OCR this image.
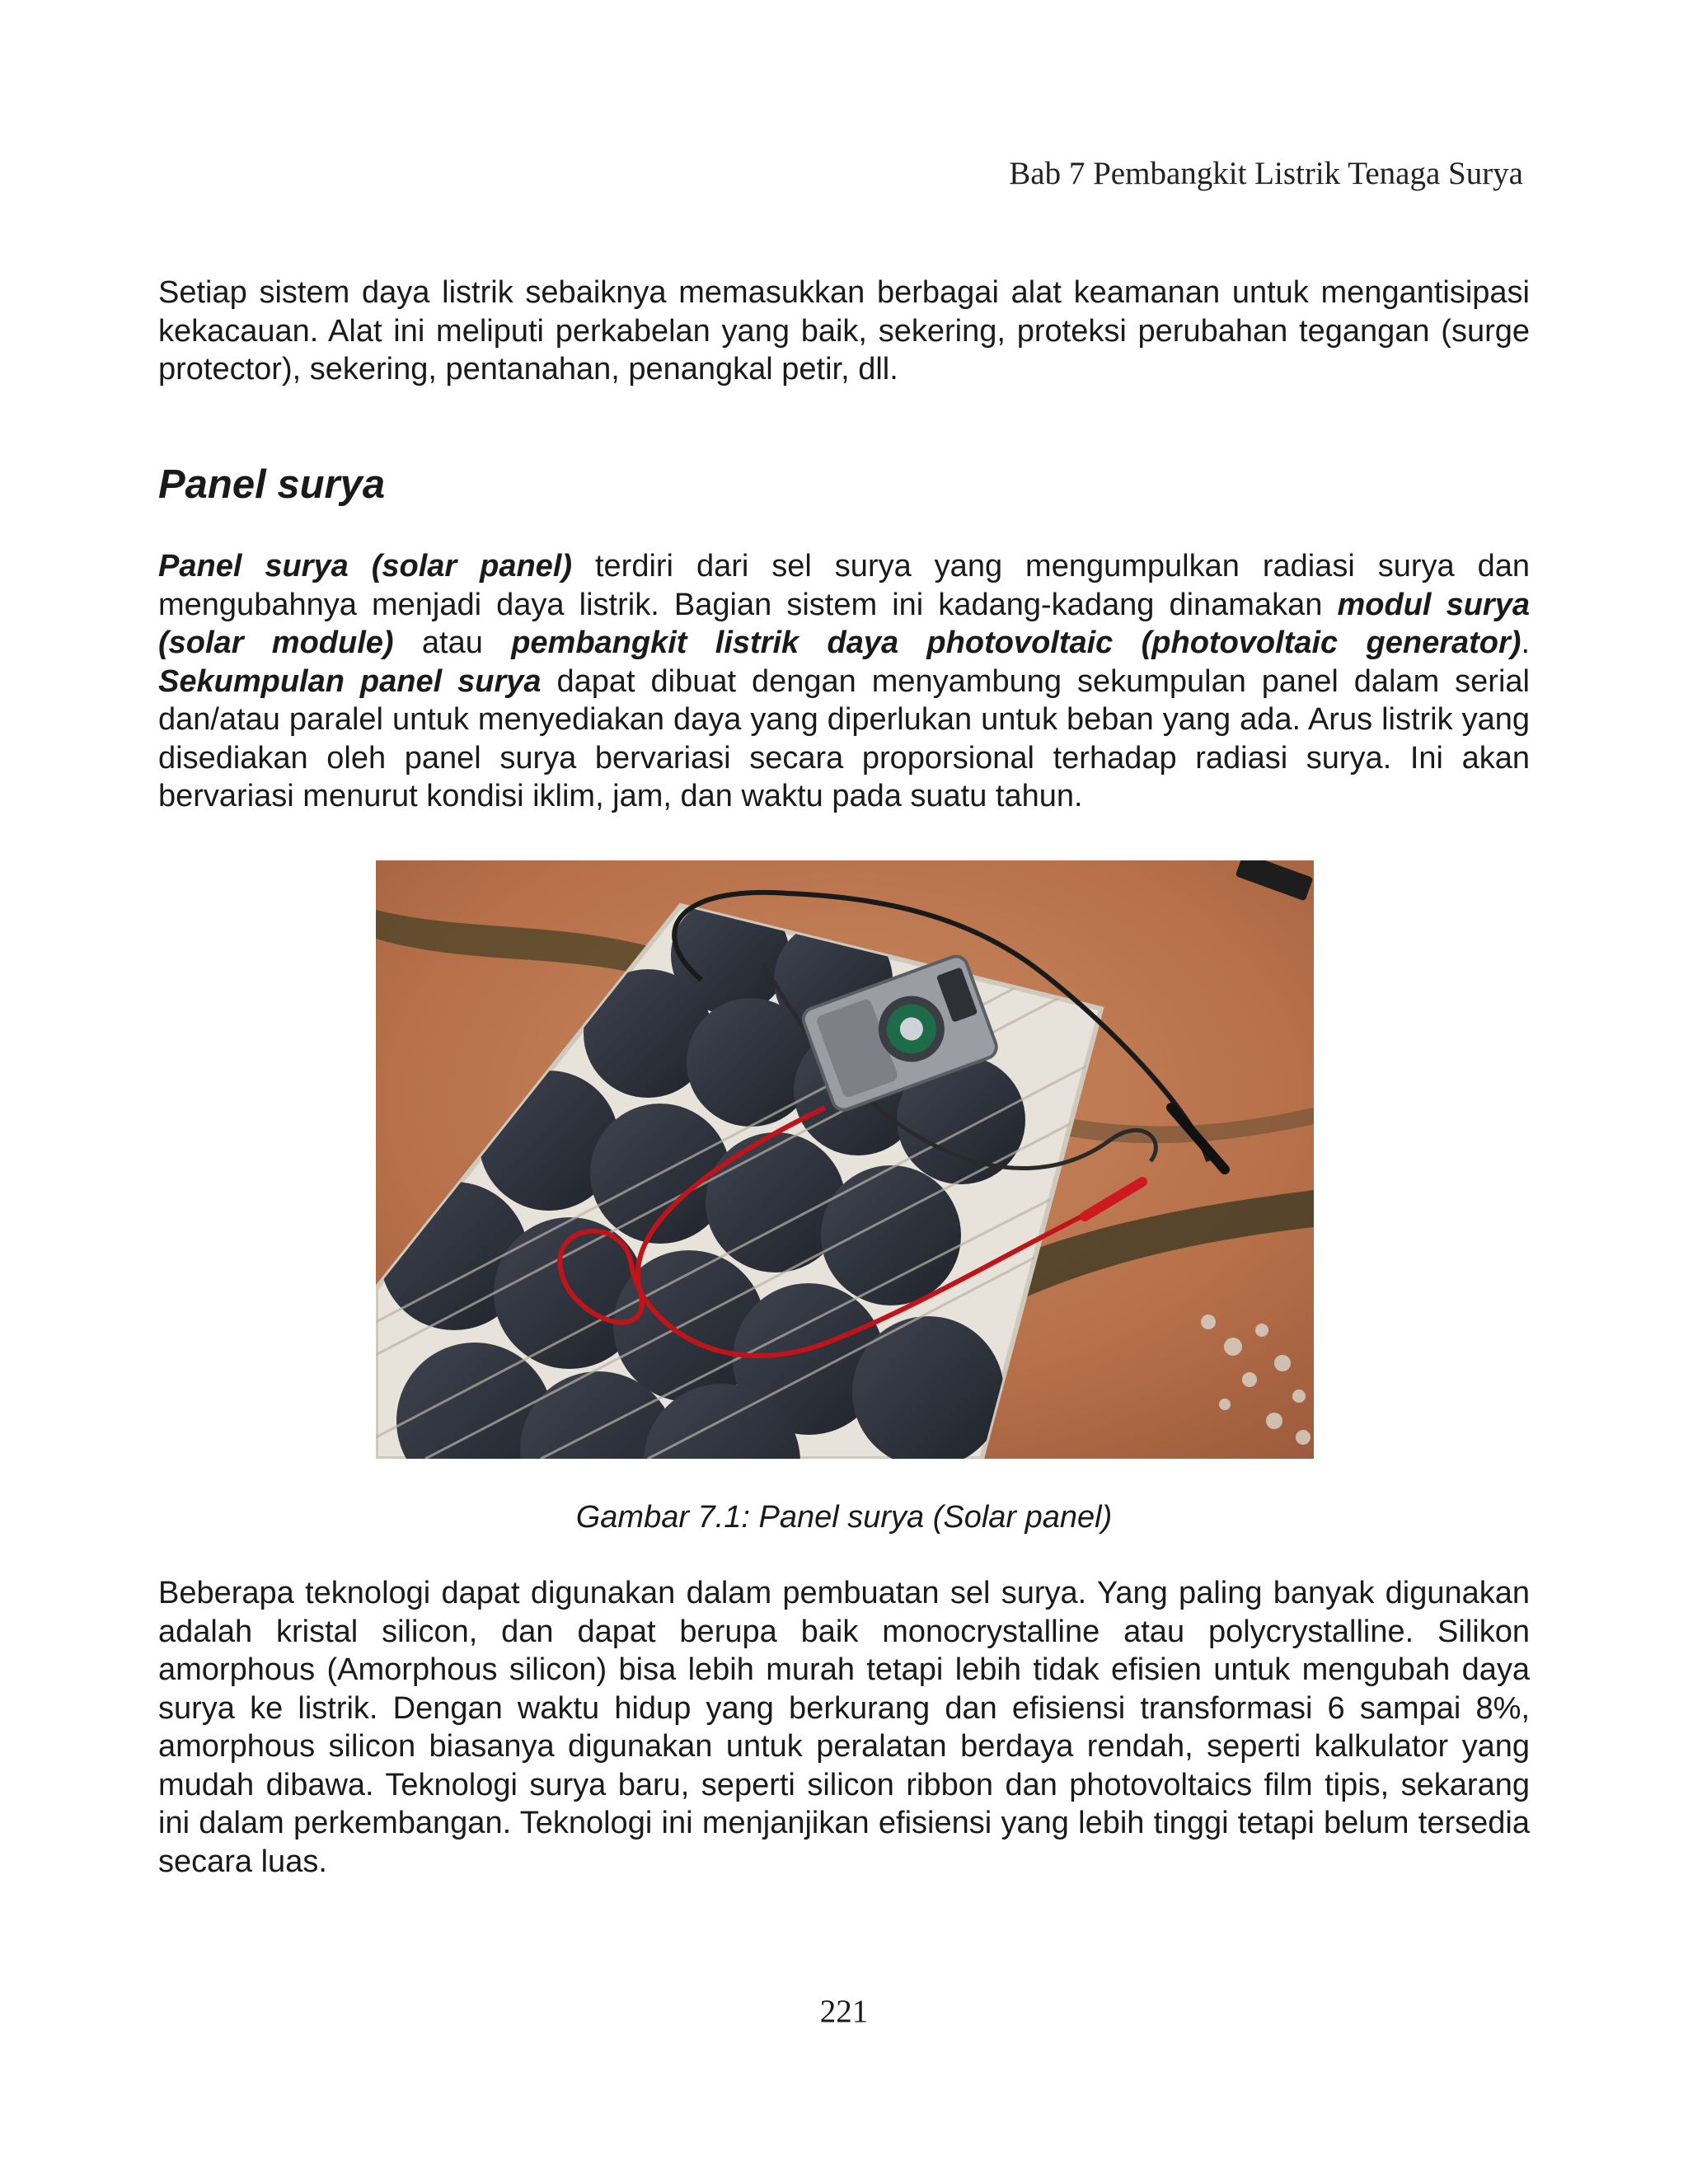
Bab 7 Pembangkit Listrik Tenaga Surya

Setiap sistem daya listrik sebaiknya memasukkan berbagai alat keamanan untuk mengantisipasi kekacauan. Alat ini meliputi perkabelan yang baik, sekering, proteksi perubahan tegangan (surge protector), sekering, pentanahan, penangkal petir, dll.

Panel surya

Panel surya (solar panel) terdiri dari sel surya yang mengumpulkan radiasi surya dan mengubahnya menjadi daya listrik. Bagian sistem ini kadang-kadang dinamakan modul surya (solar module) atau pembangkit listrik daya photovoltaic (photovoltaic generator). Sekumpulan panel surya dapat dibuat dengan menyambung sekumpulan panel dalam serial dan/atau paralel untuk menyediakan daya yang diperlukan untuk beban yang ada. Arus listrik yang disediakan oleh panel surya bervariasi secara proporsional terhadap radiasi surya. Ini akan bervariasi menurut kondisi iklim, jam, dan waktu pada suatu tahun.

Gambar 7.1: Panel surya (Solar panel)

Beberapa teknologi dapat digunakan dalam pembuatan sel surya. Yang paling banyak digunakan adalah kristal silicon, dan dapat berupa baik monocrystalline atau polycrystalline. Silikon amorphous (Amorphous silicon) bisa lebih murah tetapi lebih tidak efisien untuk mengubah daya surya ke listrik. Dengan waktu hidup yang berkurang dan efisiensi transformasi 6 sampai 8%, amorphous silicon biasanya digunakan untuk peralatan berdaya rendah, seperti kalkulator yang mudah dibawa. Teknologi surya baru, seperti silicon ribbon dan photovoltaics film tipis, sekarang ini dalam perkembangan. Teknologi ini menjanjikan efisiensi yang lebih tinggi tetapi belum tersedia secara luas.

221
